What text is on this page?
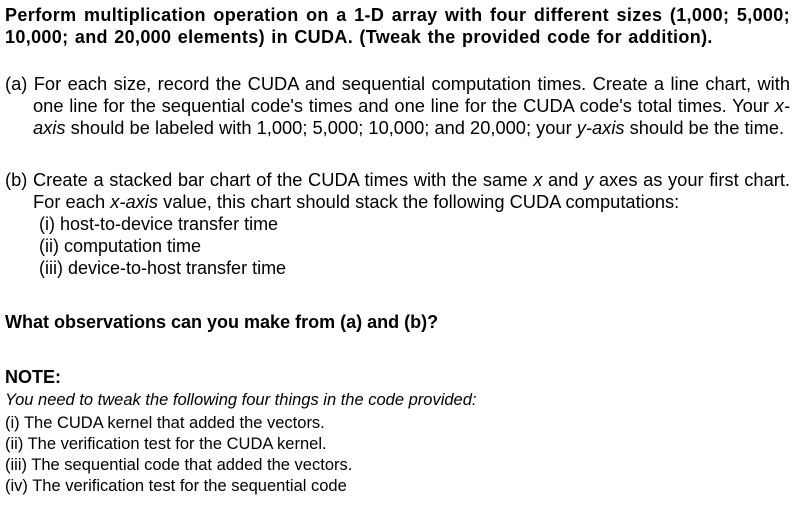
Perform multiplication operation on a 1-D array with four different sizes (1,000; 5,000; 10,000; and 20,000 elements) in CUDA. (Tweak the provided code for addition).

(a) For each size, record the CUDA and sequential computation times. Create a line chart, with one line for the sequential code's times and one line for the CUDA code's total times. Your x-axis should be labeled with 1,000; 5,000; 10,000; and 20,000; your y-axis should be the time.

(b) Create a stacked bar chart of the CUDA times with the same x and y axes as your first chart. For each x-axis value, this chart should stack the following CUDA computations:

(i) host-to-device transfer time

(ii) computation time

(iii) device-to-host transfer time

What observations can you make from (a) and (b)?

NOTE:

You need to tweak the following four things in the code provided:

(i) The CUDA kernel that added the vectors.

(ii) The verification test for the CUDA kernel.

(iii) The sequential code that added the vectors.

(iv) The verification test for the sequential code
